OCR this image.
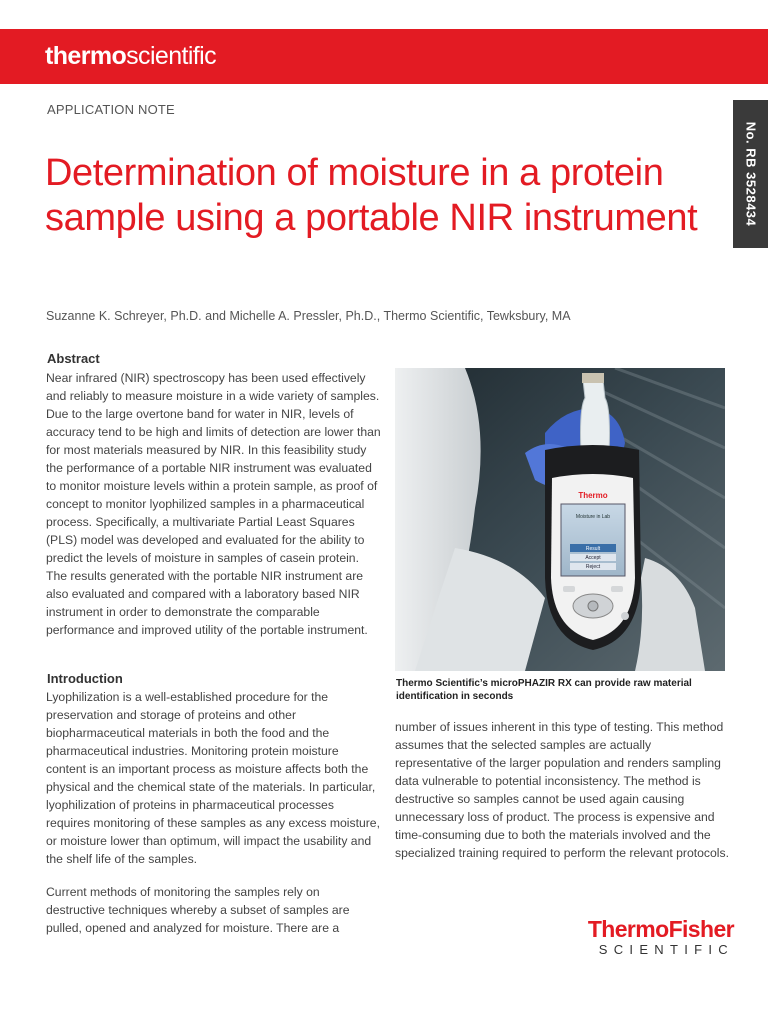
thermoscientific
APPLICATION NOTE
No. RB 3528434
Determination of moisture in a protein sample using a portable NIR instrument
Suzanne K. Schreyer, Ph.D. and Michelle A. Pressler, Ph.D., Thermo Scientific, Tewksbury, MA
Abstract

Near infrared (NIR) spectroscopy has been used effectively and reliably to measure moisture in a wide variety of samples. Due to the large overtone band for water in NIR, levels of accuracy tend to be high and limits of detection are lower than for most materials measured by NIR. In this feasibility study the performance of a portable NIR instrument was evaluated to monitor moisture levels within a protein sample, as proof of concept to monitor lyophilized samples in a pharmaceutical process. Specifically, a multivariate Partial Least Squares (PLS) model was developed and evaluated for the ability to predict the levels of moisture in samples of casein protein. The results generated with the portable NIR instrument are also evaluated and compared with a laboratory based NIR instrument in order to demonstrate the comparable performance and improved utility of the portable instrument.

Introduction

Lyophilization is a well-established procedure for the preservation and storage of proteins and other biopharmaceutical materials in both the food and the pharmaceutical industries. Monitoring protein moisture content is an important process as moisture affects both the physical and the chemical state of the materials. In particular, lyophilization of proteins in pharmaceutical processes requires monitoring of these samples as any excess moisture, or moisture lower than optimum, will impact the usability and the shelf life of the samples.

Current methods of monitoring the samples rely on destructive techniques whereby a subset of samples are pulled, opened and analyzed for moisture. There are a

number of issues inherent in this type of testing. This method assumes that the selected samples are actually representative of the larger population and renders sampling data vulnerable to potential inconsistency. The method is destructive so samples cannot be used again causing unnecessary loss of product. The process is expensive and time-consuming due to both the materials involved and the specialized training required to perform the relevant protocols.

Thermo
Moisture in Lab
Result
Accept
Reject
Thermo Scientific’s microPHAZIR RX can provide raw material identification in seconds
ThermoFisher
SCIENTIFIC
